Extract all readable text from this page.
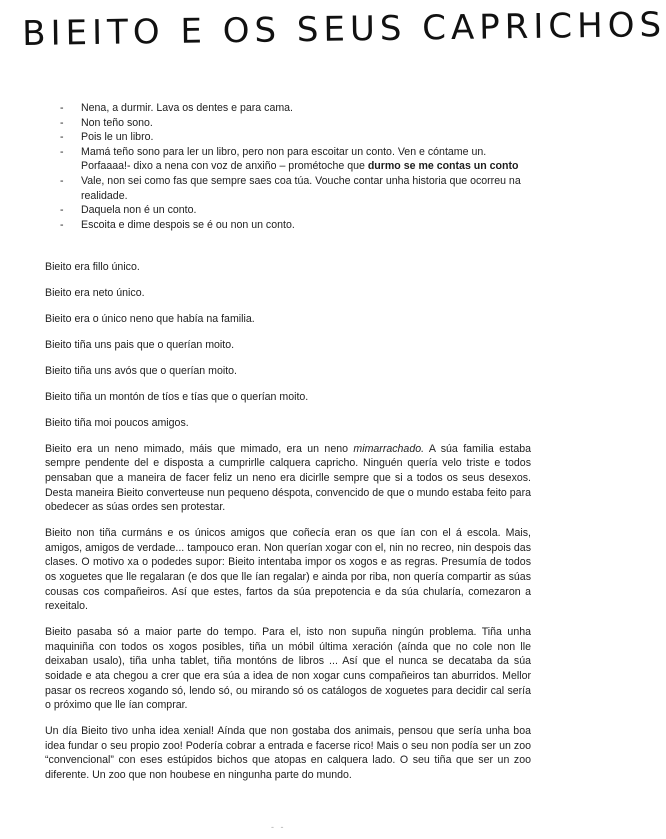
BIEITO E OS SEUS CAPRICHOS
- Nena, a durmir. Lava os dentes e para cama.
- Non teño sono.
- Pois le un libro.
- Mamá teño sono para ler un libro, pero non para escoitar un conto. Ven e cóntame un. Porfaaaa!- dixo a nena con voz de anxiño – prométoche que durmo se me contas un conto
- Vale, non sei como fas que sempre saes coa túa. Vouche contar unha historia que ocorreu na realidade.
- Daquela non é un conto.
- Escoita e dime despois se é ou non un conto.

Bieito era fillo único.

Bieito era neto único.

Bieito era o único neno que había na familia.

Bieito tiña uns pais que o querían moito.

Bieito tiña uns avós que o querían moito.

Bieito tiña un montón de tíos e tías que o querían moito.

Bieito tiña moi poucos amigos.

Bieito era un neno mimado, máis que mimado, era un neno mimarrachado. A súa familia estaba sempre pendente del e disposta a cumprirlle calquera capricho. Ninguén quería velo triste e todos pensaban que a maneira de facer feliz un neno era dicirlle sempre que si a todos os seus desexos. Desta maneira Bieito converteuse nun pequeno déspota, convencido de que o mundo estaba feito para obedecer as súas ordes sen protestar.

Bieito non tiña curmáns e os únicos amigos que coñecía eran os que ían con el á escola. Mais, amigos, amigos de verdade... tampouco eran. Non querían xogar con el, nin no recreo, nin despois das clases. O motivo xa o podedes supor: Bieito intentaba impor os xogos e as regras. Presumía de todos os xoguetes que lle regalaran (e dos que lle ían regalar) e ainda por riba, non quería compartir as súas cousas cos compañeiros. Así que estes, fartos da súa prepotencia e da súa chularía, comezaron a rexeitalo.

Bieito pasaba só a maior parte do tempo. Para el, isto non supuña ningún problema. Tiña unha maquiniña con todos os xogos posibles, tiña un móbil última xeración (aínda que no cole non lle deixaban usalo), tiña unha tablet, tiña montóns de libros ... Así que el nunca se decataba da súa soidade e ata chegou a crer que era súa a idea de non xogar cuns compañeiros tan aburridos. Mellor pasar os recreos xogando só, lendo só, ou mirando só os catálogos de xoguetes para decidir cal sería o próximo que lle ían comprar.

Un día Bieito tivo unha idea xenial! Aínda que non gostaba dos animais, pensou que sería unha boa idea fundar o seu propio zoo! Podería cobrar a entrada e facerse rico! Mais o seu non podía ser un zoo “convencional” con eses estúpidos bichos que atopas en calquera lado. O seu tiña que ser un zoo diferente. Un zoo que non houbese en ningunha parte do mundo.

- -
